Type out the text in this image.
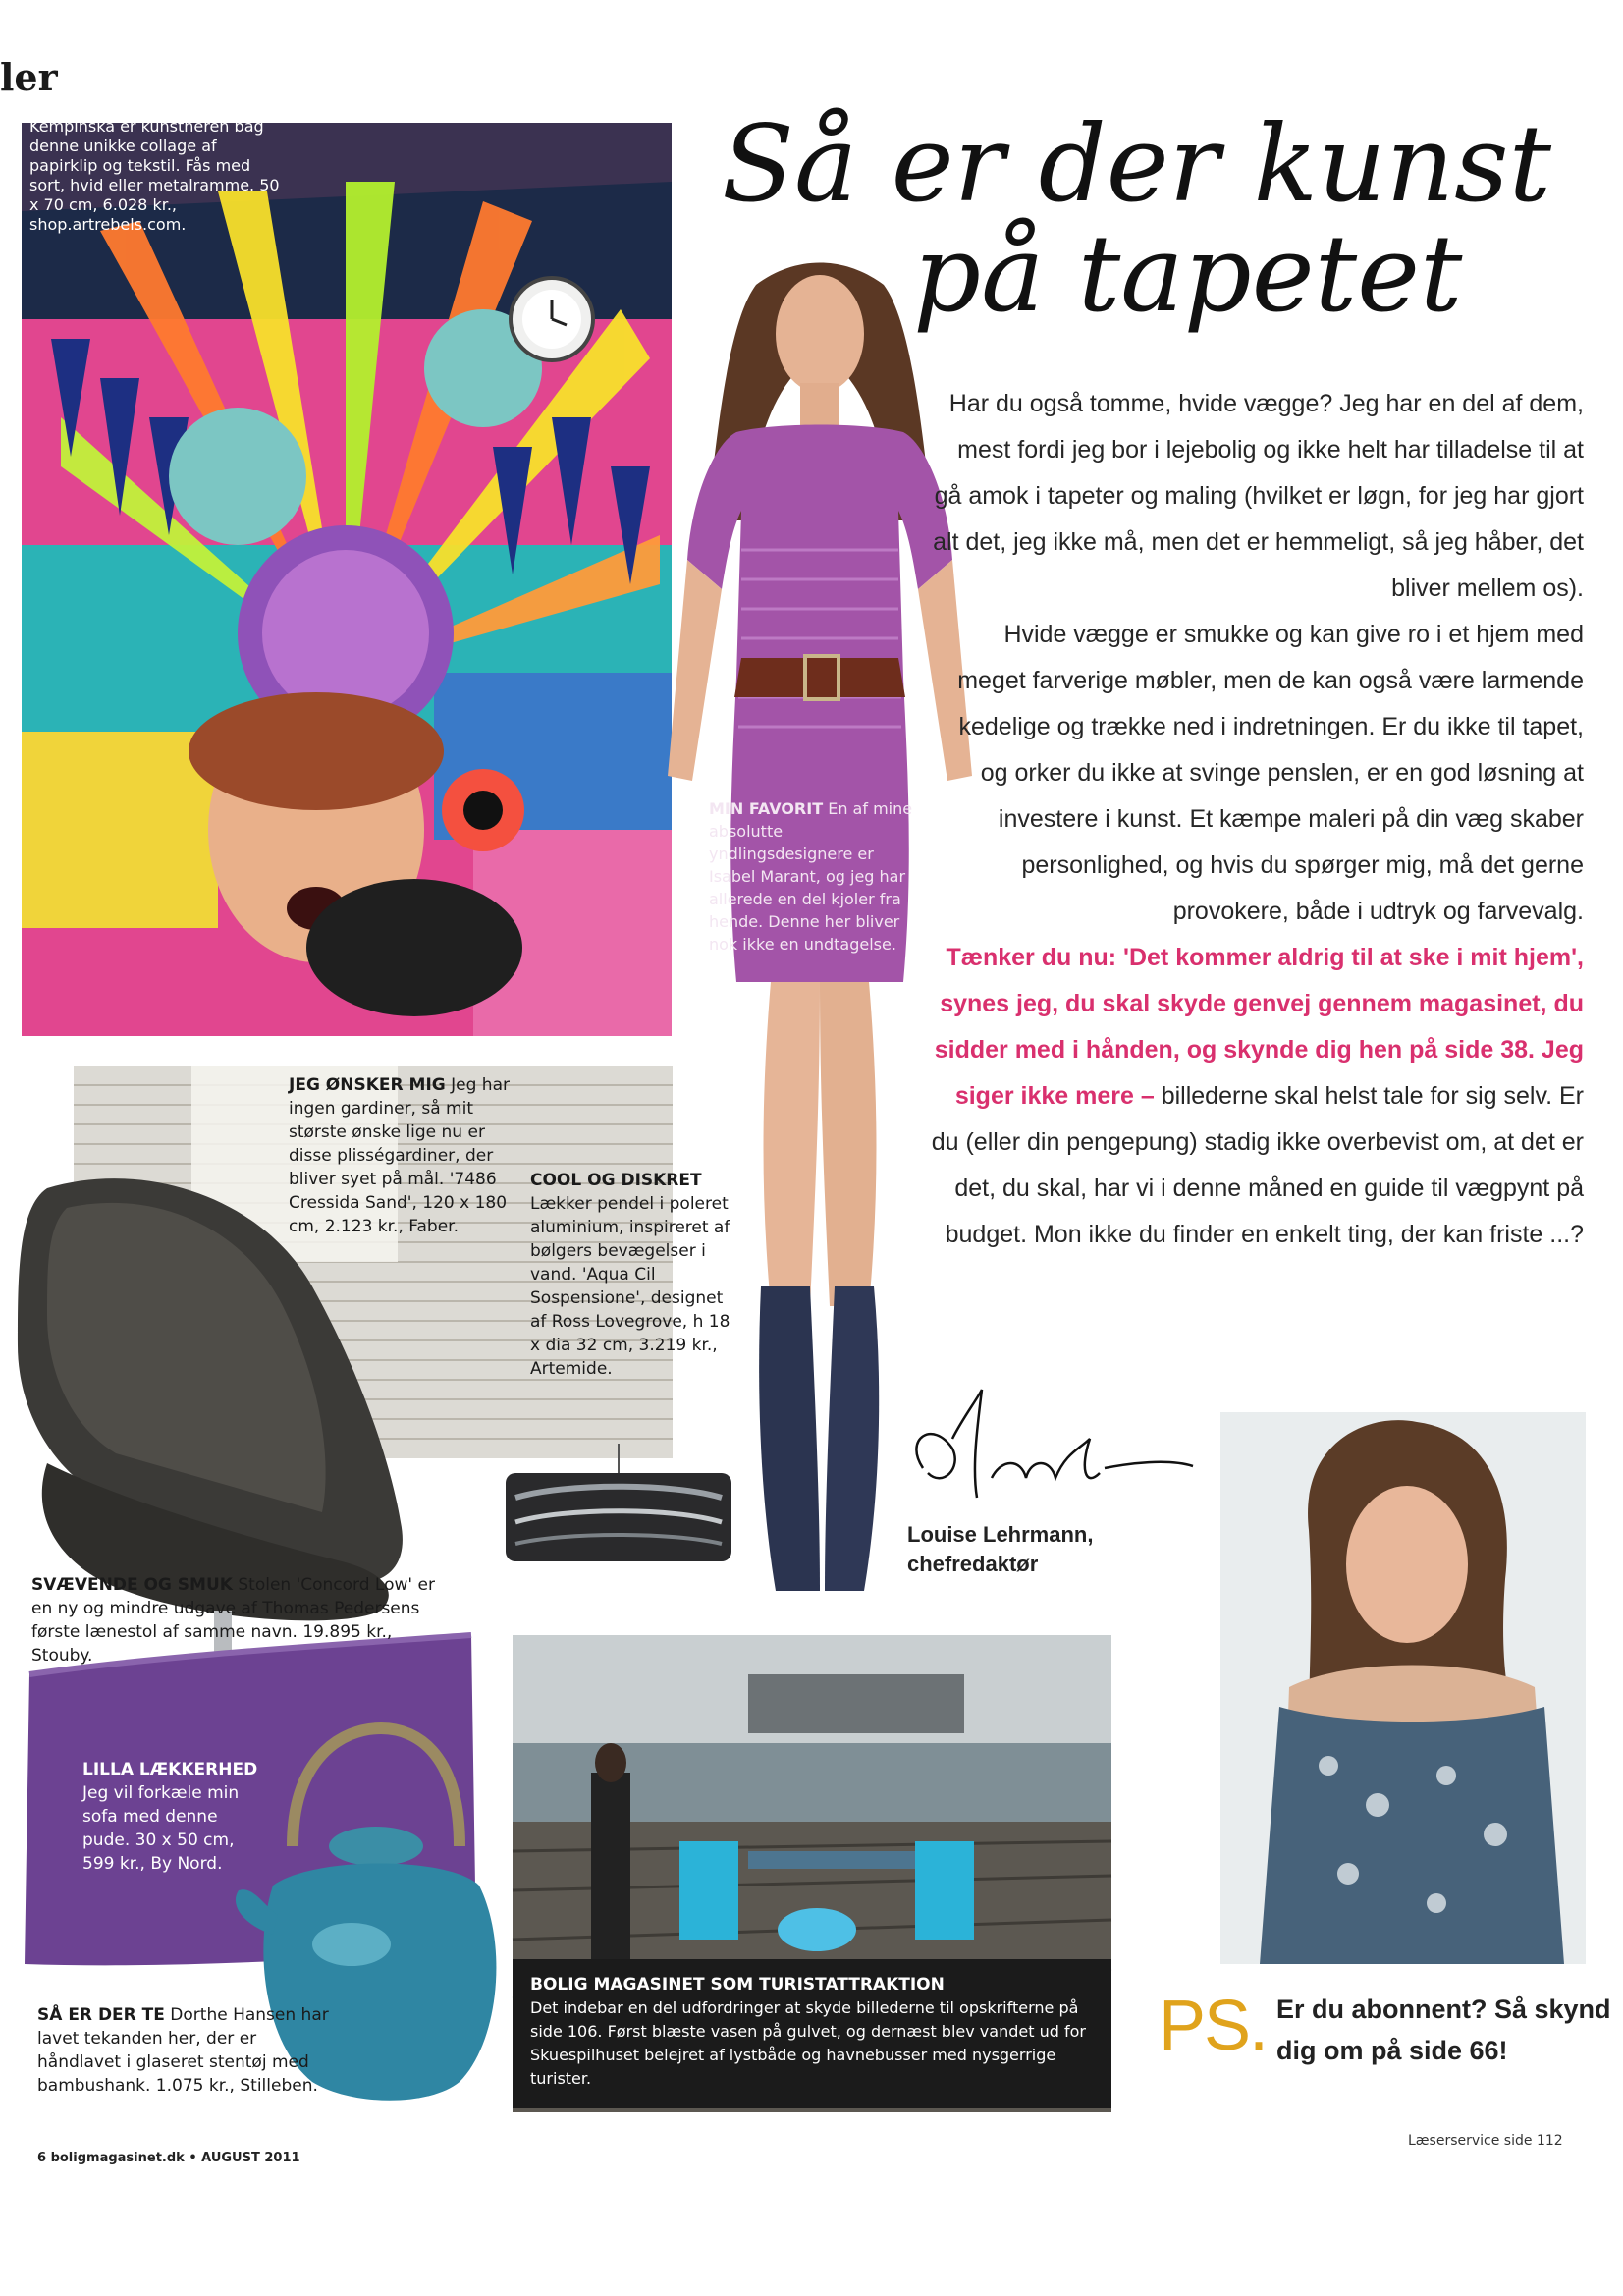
ler
PANG BANG Maggie Kempinska er kunstneren bag denne unikke collage af papirklip og tekstil. Fås med sort, hvid eller metalramme. 50 x 70 cm, 6.028 kr., shop.artrebels.com.	Så er der kunst
på tapetet
MIN FAVORIT En af mine absolutte yndlingsdesignere er Isabel Marant, og jeg har allerede en del kjoler fra hende. Denne her bliver nok ikke en undtagelse.
JEG ØNSKER MIG Jeg har ingen gardiner, så mit største ønske lige nu er disse plisségardiner, der bliver syet på mål. '7486 Cressida Sand', 120 x 180 cm, 2.123 kr., Faber.
COOL OG DISKRET Lækker pendel i poleret aluminium, inspireret af bølgers bevægelser i vand. 'Aqua Cil Sospensione', designet af Ross Lovegrove, h 18 x dia 32 cm, 3.219 kr., Artemide.
SVÆVENDE OG SMUK Stolen 'Concord Low' er en ny og mindre udgave af Thomas Pedersens første lænestol af samme navn. 19.895 kr., Stouby.
LILLA LÆKKERHED Jeg vil forkæle min sofa med denne pude. 30 x 50 cm, 599 kr., By Nord.
SÅ ER DER TE Dorthe Hansen har lavet tekanden her, der er håndlavet i glaseret stentøj med bambushank. 1.075 kr., Stilleben.
BOLIG MAGASINET SOM TURISTATTRAKTION
Det indebar en del udfordringer at skyde billederne til opskrifterne på side 106. Først blæste vasen på gulvet, og dernæst blev vandet ud for Skuespilhuset belejret af lystbåde og havnebusser med nysgerrige turister.

Har du også tomme, hvide vægge? Jeg har en del af dem, mest fordi jeg bor i lejebolig og ikke helt har tilladelse til at gå amok i tapeter og maling (hvilket er løgn, for jeg har gjort alt det, jeg ikke må, men det er hemmeligt, så jeg håber, det bliver mellem os).

Hvide vægge er smukke og kan give ro i et hjem med meget farverige møbler, men de kan også være larmende kedelige og trække ned i indretningen. Er du ikke til tapet, og orker du ikke at svinge penslen, er en god løsning at investere i kunst. Et kæmpe maleri på din væg skaber personlighed, og hvis du spørger mig, må det gerne provokere, både i udtryk og farvevalg.

Tænker du nu: 'Det kommer aldrig til at ske i mit hjem', synes jeg, du skal skyde genvej gennem magasinet, du sidder med i hånden, og skynde dig hen på side 38. Jeg siger ikke mere – billederne skal helst tale for sig selv. Er du (eller din pengepung) stadig ikke overbevist om, at det er det, du skal, har vi i denne måned en guide til vægpynt på budget. Mon ikke du finder en enkelt ting, der kan friste ...?

Louise Lehrmann,
chefredaktør
PS. Er du abonnent? Så skynd
dig om på side 66!
6 boligmagasinet.dk • AUGUST 2011
Læserservice side 112
